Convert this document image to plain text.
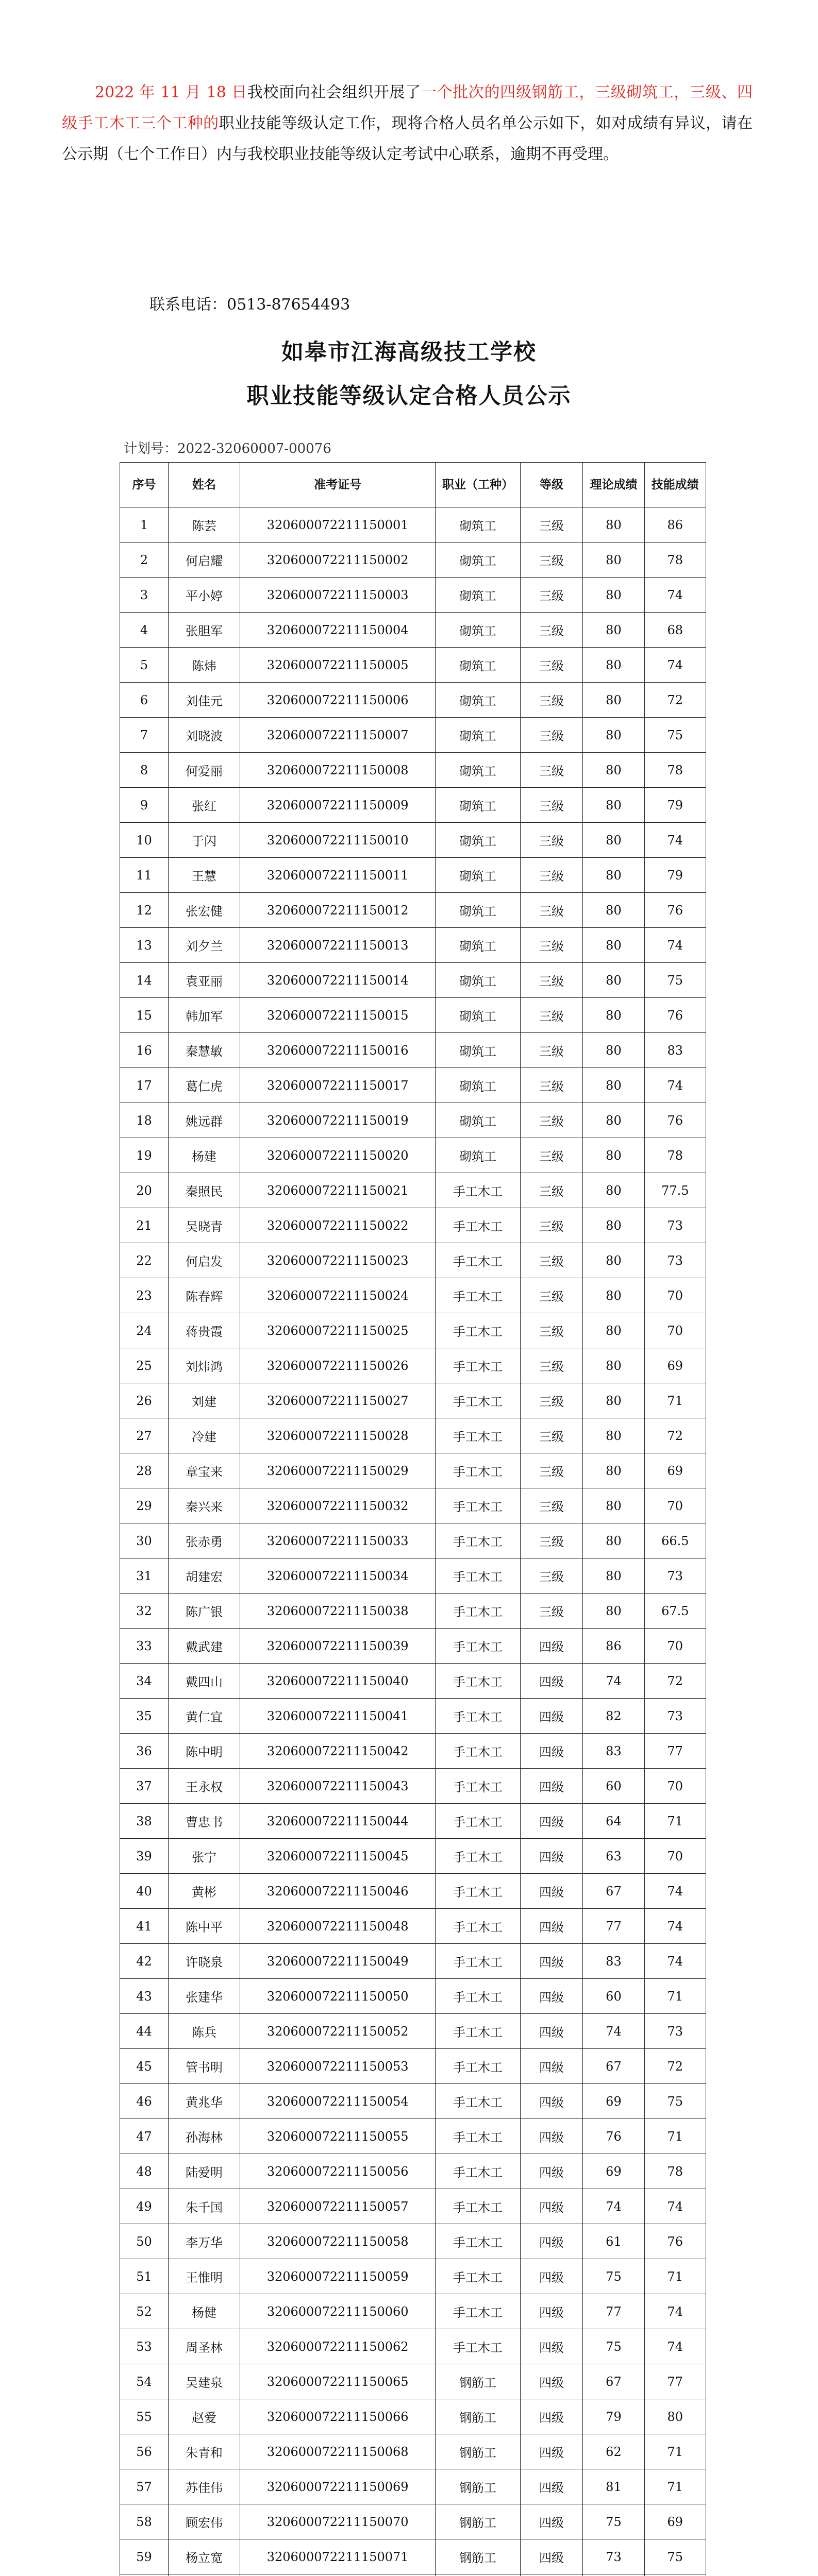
2022 年 11 月 18 日我校面向社会组织开展了一个批次的四级钢筋工，三级砌筑工，三级、四级手工木工三个工种的职业技能等级认定工作，现将合格人员名单公示如下，如对成绩有异议，请在公示期（七个工作日）内与我校职业技能等级认定考试中心联系，逾期不再受理。

联系电话：0513-87654493
如皋市江海高级技工学校
职业技能等级认定合格人员公示
计划号：2022-32060007-00076
序号	姓名	准考证号	职业（工种）	等级	理论成绩	技能成绩
1	陈芸	320600072211150001	砌筑工	三级	80	86
2	何启耀	320600072211150002	砌筑工	三级	80	78
3	平小婷	320600072211150003	砌筑工	三级	80	74
4	张胆军	320600072211150004	砌筑工	三级	80	68
5	陈炜	320600072211150005	砌筑工	三级	80	74
6	刘佳元	320600072211150006	砌筑工	三级	80	72
7	刘晓波	320600072211150007	砌筑工	三级	80	75
8	何爱丽	320600072211150008	砌筑工	三级	80	78
9	张红	320600072211150009	砌筑工	三级	80	79
10	于闪	320600072211150010	砌筑工	三级	80	74
11	王慧	320600072211150011	砌筑工	三级	80	79
12	张宏健	320600072211150012	砌筑工	三级	80	76
13	刘夕兰	320600072211150013	砌筑工	三级	80	74
14	袁亚丽	320600072211150014	砌筑工	三级	80	75
15	韩加军	320600072211150015	砌筑工	三级	80	76
16	秦慧敏	320600072211150016	砌筑工	三级	80	83
17	葛仁虎	320600072211150017	砌筑工	三级	80	74
18	姚远群	320600072211150019	砌筑工	三级	80	76
19	杨建	320600072211150020	砌筑工	三级	80	78
20	秦照民	320600072211150021	手工木工	三级	80	77.5
21	吴晓青	320600072211150022	手工木工	三级	80	73
22	何启发	320600072211150023	手工木工	三级	80	73
23	陈春辉	320600072211150024	手工木工	三级	80	70
24	蒋贵霞	320600072211150025	手工木工	三级	80	70
25	刘炜鸿	320600072211150026	手工木工	三级	80	69
26	刘建	320600072211150027	手工木工	三级	80	71
27	冷建	320600072211150028	手工木工	三级	80	72
28	章宝来	320600072211150029	手工木工	三级	80	69
29	秦兴来	320600072211150032	手工木工	三级	80	70
30	张赤勇	320600072211150033	手工木工	三级	80	66.5
31	胡建宏	320600072211150034	手工木工	三级	80	73
32	陈广银	320600072211150038	手工木工	三级	80	67.5
33	戴武建	320600072211150039	手工木工	四级	86	70
34	戴四山	320600072211150040	手工木工	四级	74	72
35	黄仁宜	320600072211150041	手工木工	四级	82	73
36	陈中明	320600072211150042	手工木工	四级	83	77
37	王永权	320600072211150043	手工木工	四级	60	70
38	曹忠书	320600072211150044	手工木工	四级	64	71
39	张宁	320600072211150045	手工木工	四级	63	70
40	黄彬	320600072211150046	手工木工	四级	67	74
41	陈中平	320600072211150048	手工木工	四级	77	74
42	许晓泉	320600072211150049	手工木工	四级	83	74
43	张建华	320600072211150050	手工木工	四级	60	71
44	陈兵	320600072211150052	手工木工	四级	74	73
45	管书明	320600072211150053	手工木工	四级	67	72
46	黄兆华	320600072211150054	手工木工	四级	69	75
47	孙海林	320600072211150055	手工木工	四级	76	71
48	陆爱明	320600072211150056	手工木工	四级	69	78
49	朱千国	320600072211150057	手工木工	四级	74	74
50	李万华	320600072211150058	手工木工	四级	61	76
51	王惟明	320600072211150059	手工木工	四级	75	71
52	杨健	320600072211150060	手工木工	四级	77	74
53	周圣林	320600072211150062	手工木工	四级	75	74
54	吴建泉	320600072211150065	钢筋工	四级	67	77
55	赵爱	320600072211150066	钢筋工	四级	79	80
56	朱青和	320600072211150068	钢筋工	四级	62	71
57	苏佳伟	320600072211150069	钢筋工	四级	81	71
58	顾宏伟	320600072211150070	钢筋工	四级	75	69
59	杨立宽	320600072211150071	钢筋工	四级	73	75
